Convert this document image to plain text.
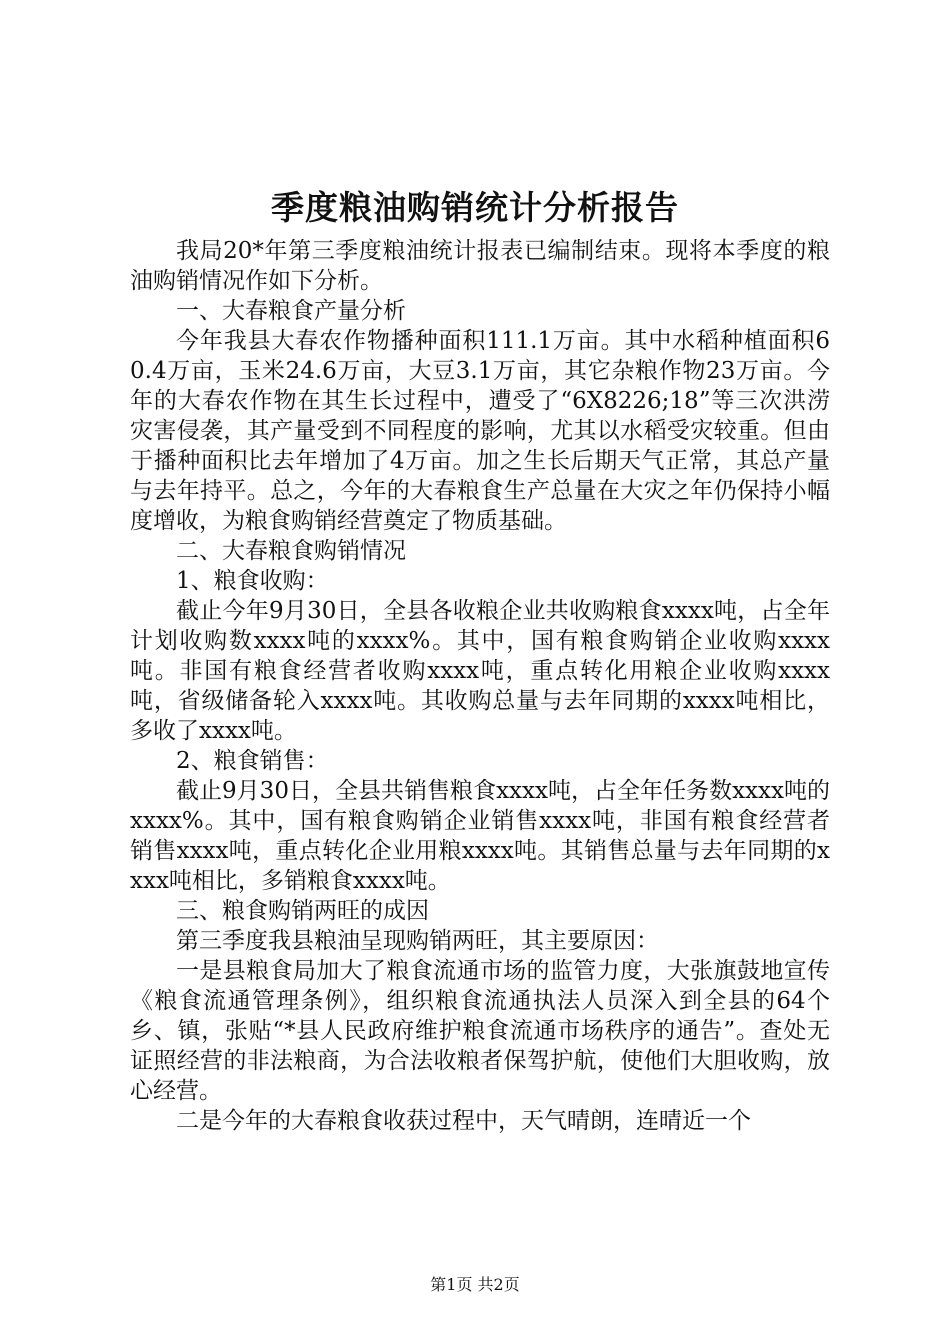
季度粮油购销统计分析报告

我局20*年第三季度粮油统计报表已编制结束。现将本季度的粮油购销情况作如下分析。

一、大春粮食产量分析

今年我县大春农作物播种面积111.1万亩。其中水稻种植面积60.4万亩，玉米24.6万亩，大豆3.1万亩，其它杂粮作物23万亩。今年的大春农作物在其生长过程中，遭受了“6X8226;18”等三次洪涝灾害侵袭，其产量受到不同程度的影响，尤其以水稻受灾较重。但由于播种面积比去年增加了4万亩。加之生长后期天气正常，其总产量与去年持平。总之，今年的大春粮食生产总量在大灾之年仍保持小幅度增收，为粮食购销经营奠定了物质基础。

二、大春粮食购销情况

1、粮食收购：

截止今年9月30日，全县各收粮企业共收购粮食xxxx吨，占全年计划收购数xxxx吨的xxxx%。其中，国有粮食购销企业收购xxxx吨。非国有粮食经营者收购xxxx吨，重点转化用粮企业收购xxxx吨，省级储备轮入xxxx吨。其收购总量与去年同期的xxxx吨相比，多收了xxxx吨。

2、粮食销售：

截止9月30日，全县共销售粮食xxxx吨，占全年任务数xxxx吨的xxxx%。其中，国有粮食购销企业销售xxxx吨，非国有粮食经营者销售xxxx吨，重点转化企业用粮xxxx吨。其销售总量与去年同期的xxxx吨相比，多销粮食xxxx吨。

三、粮食购销两旺的成因

第三季度我县粮油呈现购销两旺，其主要原因：

一是县粮食局加大了粮食流通市场的监管力度，大张旗鼓地宣传《粮食流通管理条例》，组织粮食流通执法人员深入到全县的64个乡、镇，张贴“*县人民政府维护粮食流通市场秩序的通告”。查处无证照经营的非法粮商，为合法收粮者保驾护航，使他们大胆收购，放心经营。

二是今年的大春粮食收获过程中，天气晴朗，连晴近一个

第1页 共2页
